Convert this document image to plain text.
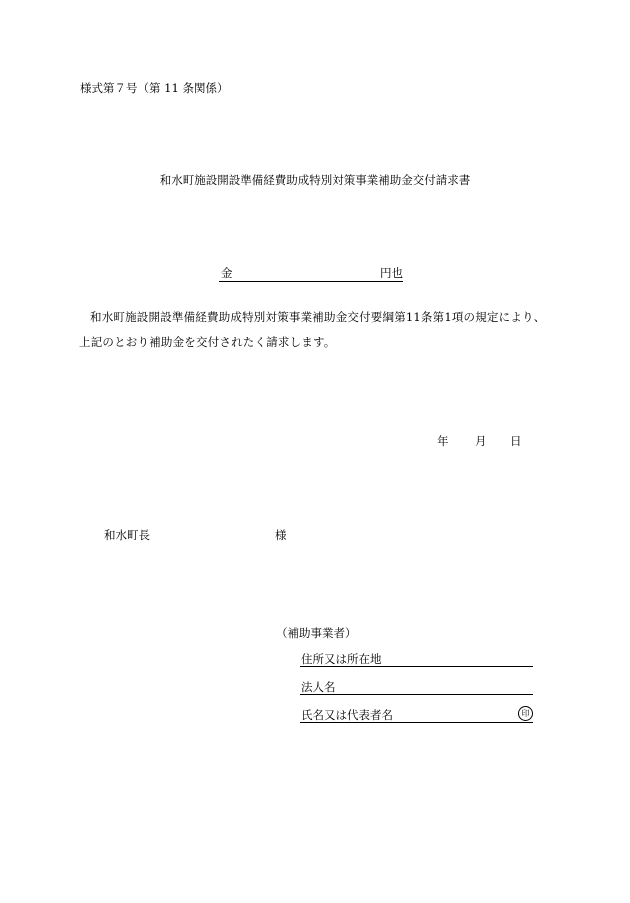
様式第７号（第 11 条関係）
和水町施設開設準備経費助成特別対策事業補助金交付請求書
金	円也
和水町施設開設準備経費助成特別対策事業補助金交付要綱第11条第1項の規定により、上記のとおり補助金を交付されたく請求します。
年 月 日
和水町長	様
（補助事業者）
住所又は所在地
法人名
氏名又は代表者名	印
